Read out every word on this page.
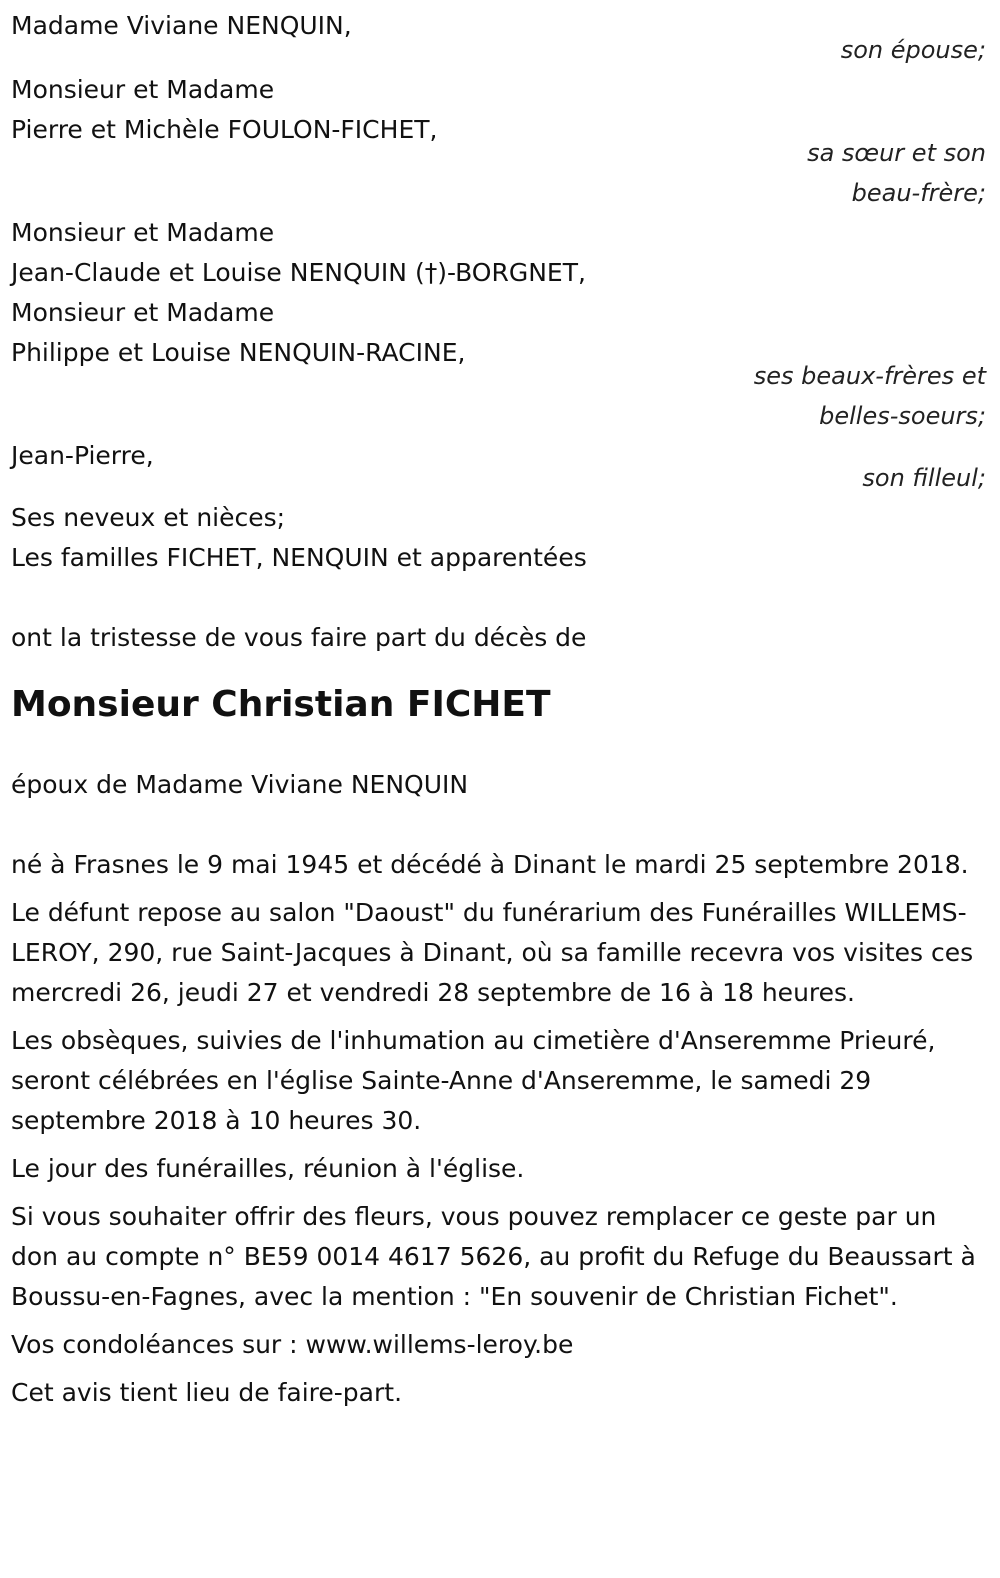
Madame Viviane NENQUIN,
son épouse;
Monsieur et Madame
Pierre et Michèle FOULON-FICHET,
sa sœur et son
beau-frère;
Monsieur et Madame
Jean-Claude et Louise NENQUIN (†)-BORGNET,
Monsieur et Madame
Philippe et Louise NENQUIN-RACINE,
ses beaux-frères et
belles-soeurs;
Jean-Pierre,
son filleul;
Ses neveux et nièces;
Les familles FICHET, NENQUIN et apparentées
ont la tristesse de vous faire part du décès de
Monsieur Christian FICHET
époux de Madame Viviane NENQUIN
né à Frasnes le 9 mai 1945 et décédé à Dinant le mardi 25 septembre 2018.
Le défunt repose au salon "Daoust" du funérarium des Funérailles WILLEMS-LEROY, 290, rue Saint-Jacques à Dinant, où sa famille recevra vos visites ces mercredi 26, jeudi 27 et vendredi 28 septembre de 16 à 18 heures.
Les obsèques, suivies de l'inhumation au cimetière d'Anseremme Prieuré, seront célébrées en l'église Sainte-Anne d'Anseremme, le samedi 29 septembre 2018 à 10 heures 30.
Le jour des funérailles, réunion à l'église.
Si vous souhaiter offrir des fleurs, vous pouvez remplacer ce geste par un don au compte n° BE59 0014 4617 5626, au profit du Refuge du Beaussart à Boussu-en-Fagnes, avec la mention : "En souvenir de Christian Fichet".
Vos condoléances sur : www.willems-leroy.be
Cet avis tient lieu de faire-part.
